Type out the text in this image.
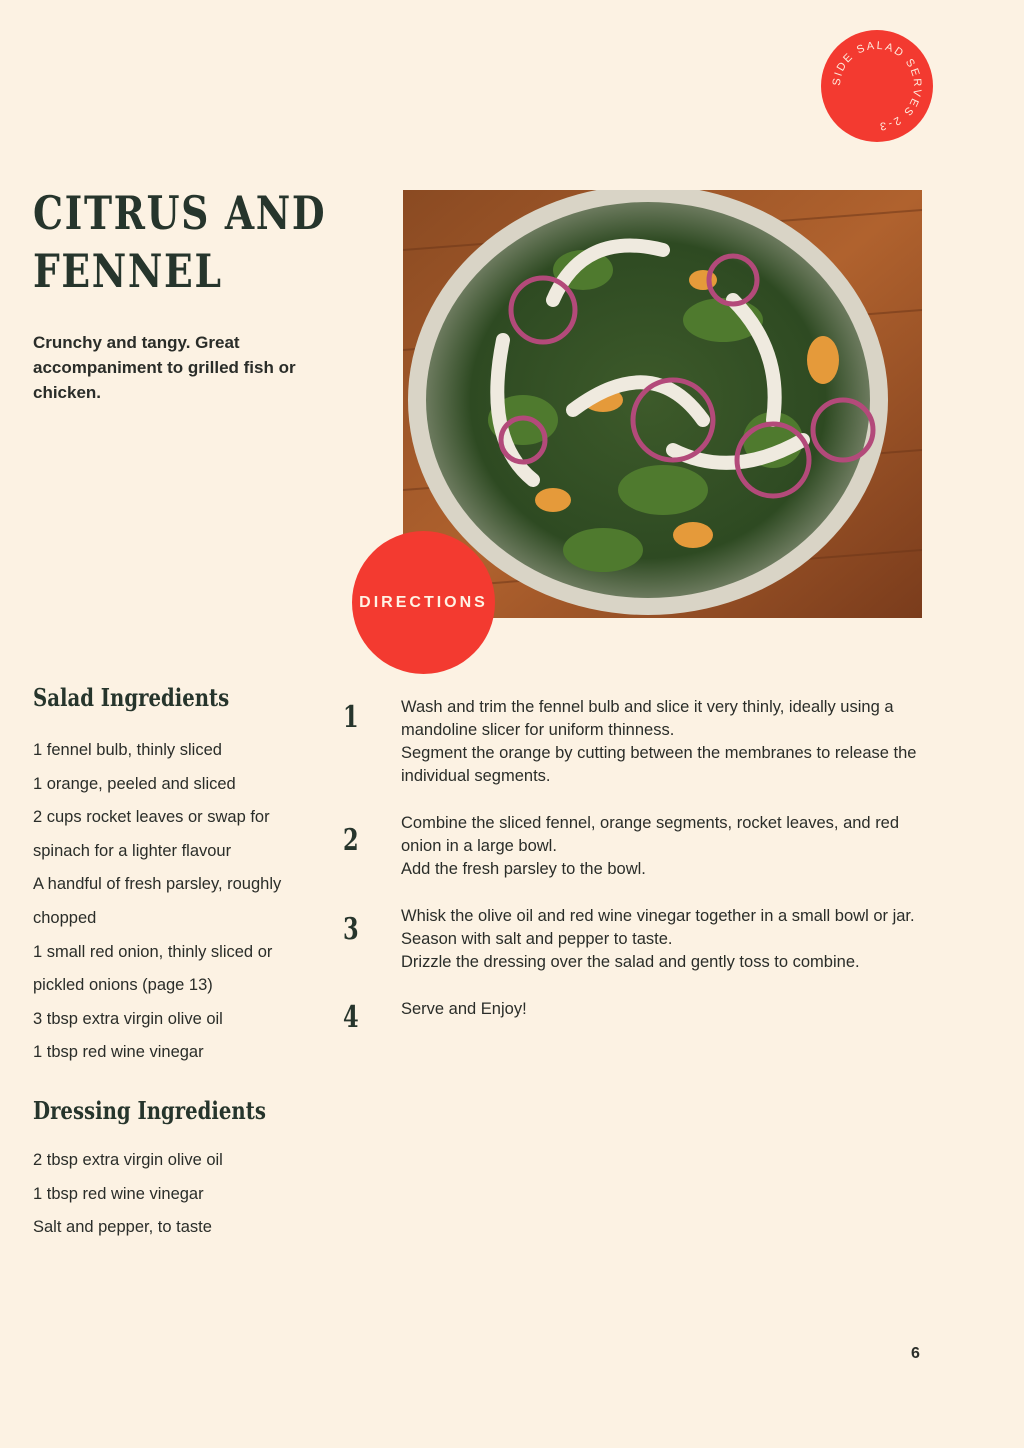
SIDE SALAD SERVES 2-3
CITRUS AND FENNEL

Crunchy and tangy. Great accompaniment to grilled fish or chicken.

DIRECTIONS
Salad Ingredients
1 fennel bulb, thinly sliced
1 orange, peeled and sliced
2 cups rocket leaves or swap for spinach for a lighter flavour
A handful of fresh parsley, roughly chopped
1 small red onion, thinly sliced or pickled onions (page 13)
3 tbsp extra virgin olive oil
1 tbsp red wine vinegar
Dressing Ingredients
2 tbsp extra virgin olive oil
1 tbsp red wine vinegar
Salt and pepper, to taste
1	Wash and trim the fennel bulb and slice it very thinly, ideally using a mandoline slicer for uniform thinness.

Segment the orange by cutting between the membranes to release the individual segments.

2	Combine the sliced fennel, orange segments, rocket leaves, and red onion in a large bowl.

Add the fresh parsley to the bowl.

3	Whisk the olive oil and red wine vinegar together in a small bowl or jar. Season with salt and pepper to taste.

Drizzle the dressing over the salad and gently toss to combine.

4	Serve and Enjoy!

6
